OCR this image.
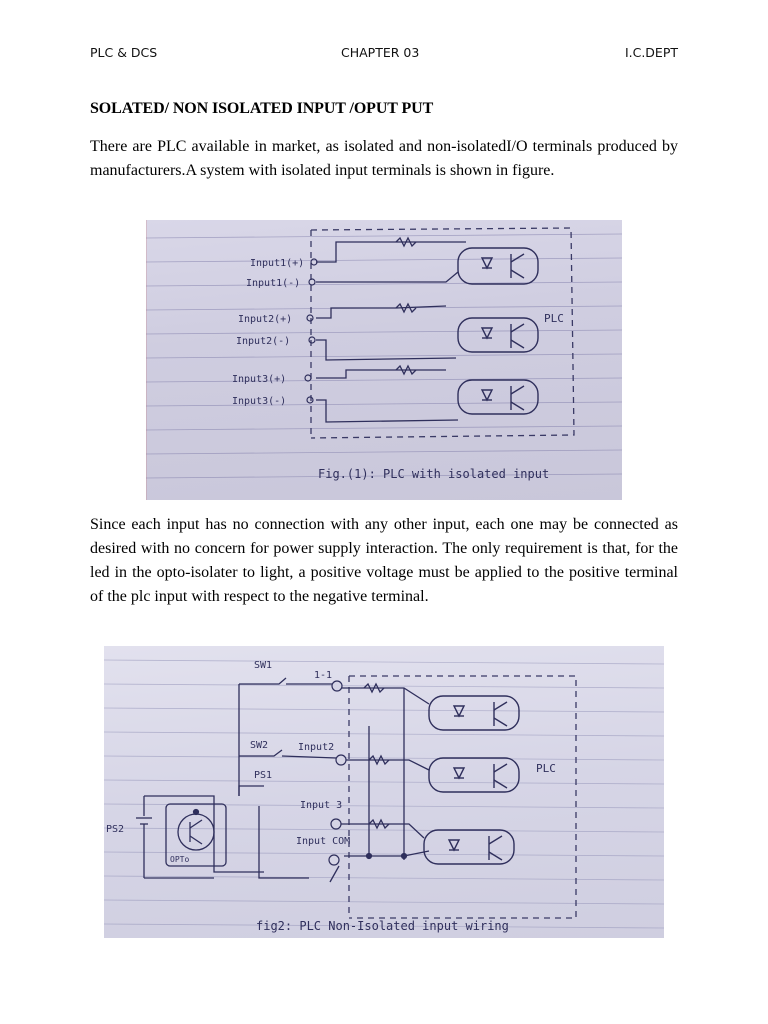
PLC & DCS	CHAPTER 03	I.C.DEPT
SOLATED/ NON ISOLATED INPUT /OPUT PUT

There are PLC available in market, as isolated and non-isolatedI/O terminals produced by manufacturers.A system with isolated input terminals is shown in figure.

Input1(+)
Input1(-)
Input2(+)
Input2(-)
Input3(+)
Input3(-)
PLC
Fig.(1): PLC with isolated input

Since each input has no connection with any other input, each one may be connected as desired with no concern for power supply interaction. The only requirement is that, for the led in the opto-isolater to light, a positive voltage must be applied to the positive terminal of the plc input with respect to the negative terminal.

SW1
SW2
1-1
Input2
Input 3
Input COM
PS1
PS2
OPTo
PLC
fig2: PLC Non-Isolated input wiring
